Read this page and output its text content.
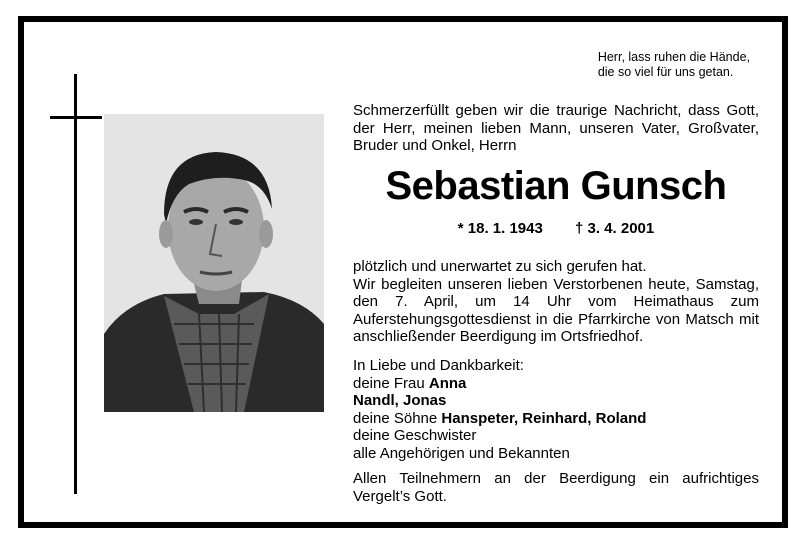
Herr, lass ruhen die Hände,
die so viel für uns getan.
Schmerzerfüllt geben wir die traurige Nachricht, dass Gott, der Herr, meinen lieben Mann, unseren Vater, Großvater, Bruder und Onkel, Herrn
Sebastian Gunsch
* 18. 1. 1943 † 3. 4. 2001
plötzlich und unerwartet zu sich gerufen hat.
Wir begleiten unseren lieben Verstorbenen heute, Samstag, den 7. April, um 14 Uhr vom Heimathaus zum Auferstehungsgottesdienst in die Pfarrkirche von Matsch mit anschließender Beerdigung im Ortsfriedhof.
In Liebe und Dankbarkeit:
deine Frau Anna
Nandl, Jonas
deine Söhne Hanspeter, Reinhard, Roland
deine Geschwister
alle Angehörigen und Bekannten
Allen Teilnehmern an der Beerdigung ein aufrichtiges Vergelt’s Gott.
